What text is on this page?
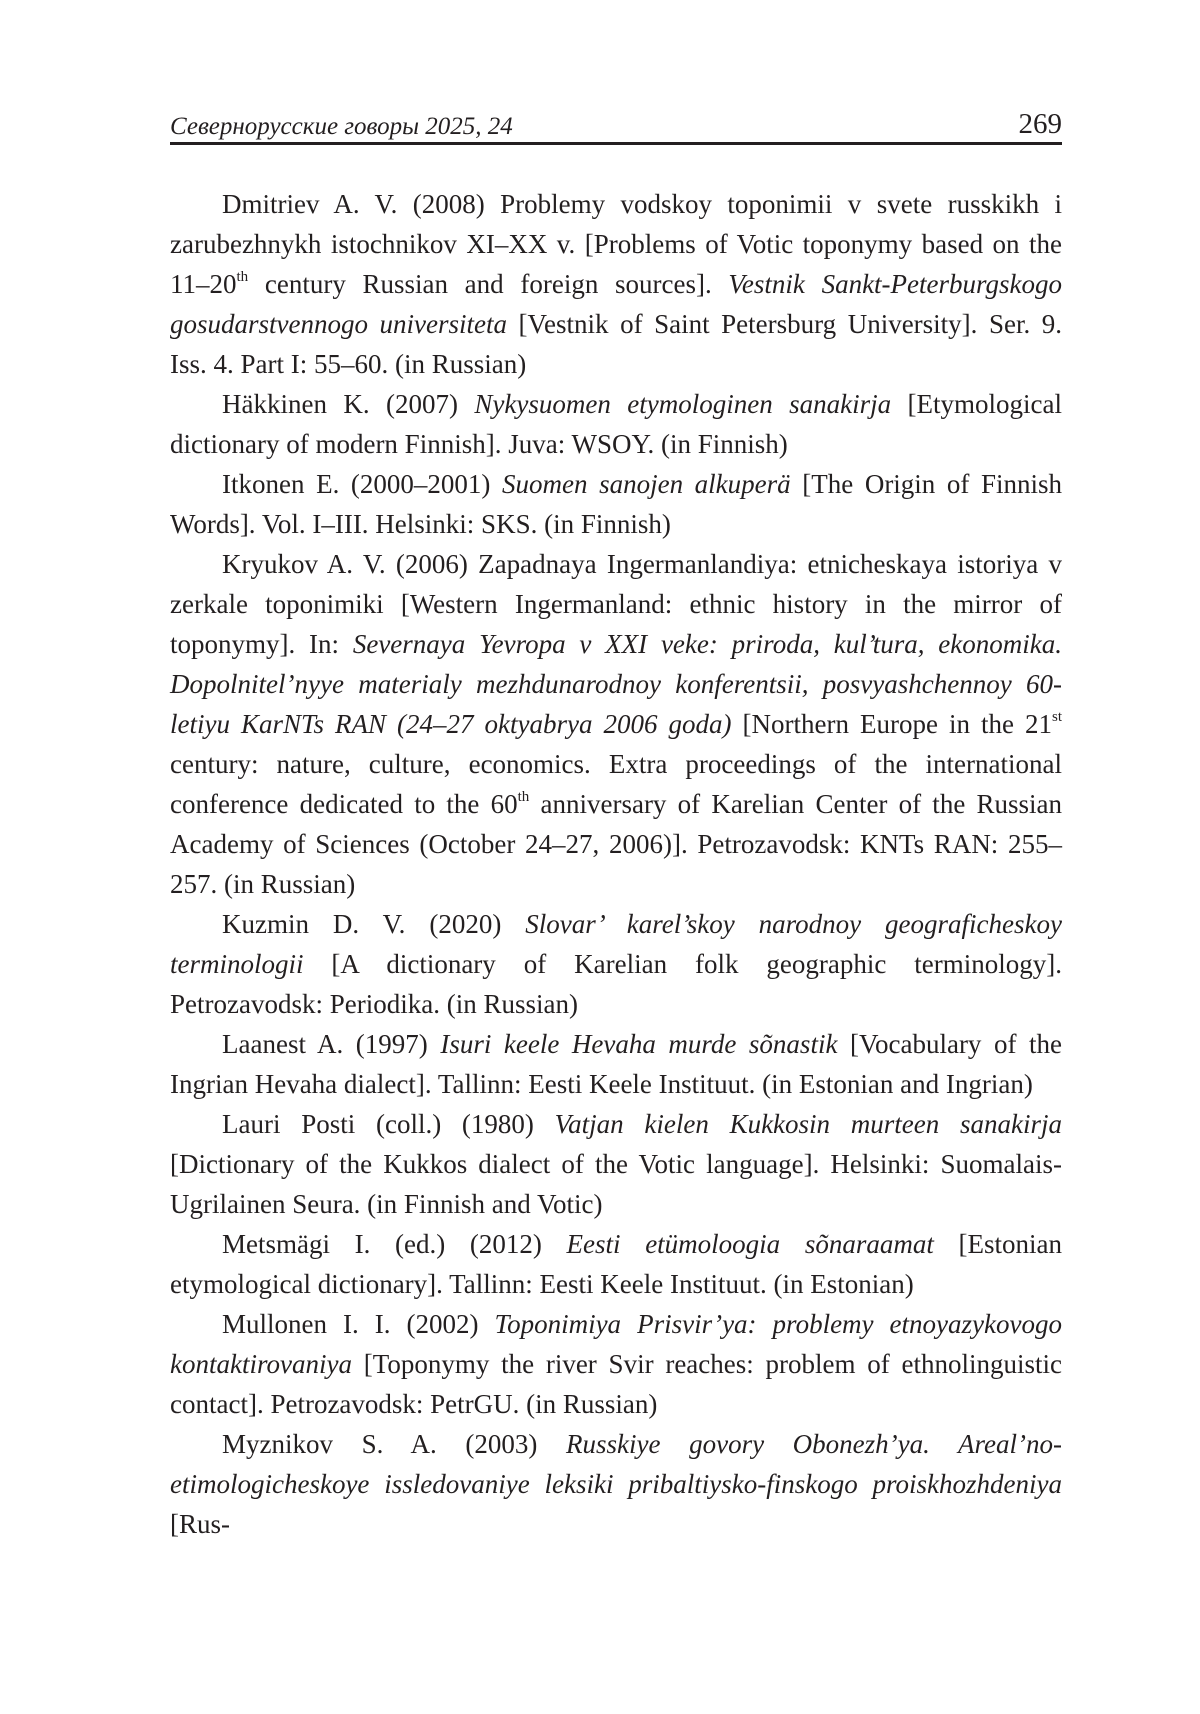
Севернорусские говоры 2025, 24	269

Dmitriev A. V. (2008) Problemy vodskoy toponimii v svete russkikh i zarubezhnykh istochnikov XI–XX v. [Problems of Votic toponymy based on the 11–20th century Russian and foreign sources]. Vestnik Sankt-Peterburgskogo gosudarstvennogo universiteta [Vestnik of Saint Petersburg University]. Ser. 9. Iss. 4. Part I: 55–60. (in Russian)

Häkkinen K. (2007) Nykysuomen etymologinen sanakirja [Etymological dictionary of modern Finnish]. Juva: WSOY. (in Finnish)

Itkonen E. (2000–2001) Suomen sanojen alkuperä [The Origin of Finnish Words]. Vol. I–III. Helsinki: SKS. (in Finnish)

Kryukov A. V. (2006) Zapadnaya Ingermanlandiya: etnicheskaya istoriya v zerkale toponimiki [Western Ingermanland: ethnic history in the mirror of toponymy]. In: Severnaya Yevropa v XXI veke: priroda, kul’tura, ekonomika. Dopolnitel’nyye materialy mezhdunarodnoy konferentsii, posvyashchennoy 60-letiyu KarNTs RAN (24–27 oktyabrya 2006 goda) [Northern Europe in the 21st century: nature, culture, economics. Extra proceedings of the international conference dedicated to the 60th anniversary of Karelian Center of the Russian Academy of Sciences (October 24–27, 2006)]. Petrozavodsk: KNTs RAN: 255–257. (in Russian)

Kuzmin D. V. (2020) Slovar’ karel’skoy narodnoy geograficheskoy terminologii [A dictionary of Karelian folk geographic terminology]. Petrozavodsk: Periodika. (in Russian)

Laanest A. (1997) Isuri keele Hevaha murde sõnastik [Vocabulary of the Ingrian Hevaha dialect]. Tallinn: Eesti Keele Instituut. (in Estonian and Ingrian)

Lauri Posti (coll.) (1980) Vatjan kielen Kukkosin murteen sanakirja [Dictionary of the Kukkos dialect of the Votic language]. Helsinki: Suomalais-Ugrilainen Seura. (in Finnish and Votic)

Metsmägi I. (ed.) (2012) Eesti etümoloogia sõnaraamat [Estonian etymological dictionary]. Tallinn: Eesti Keele Instituut. (in Estonian)

Mullonen I. I. (2002) Toponimiya Prisvir’ya: problemy etnoyazykovogo kontaktirovaniya [Toponymy the river Svir reaches: problem of ethnolinguistic contact]. Petrozavodsk: PetrGU. (in Russian)

Myznikov S. A. (2003) Russkiye govory Obonezh’ya. Areal’no-etimologicheskoye issledovaniye leksiki pribaltiysko-finskogo proiskhozhdeniya [Rus-
